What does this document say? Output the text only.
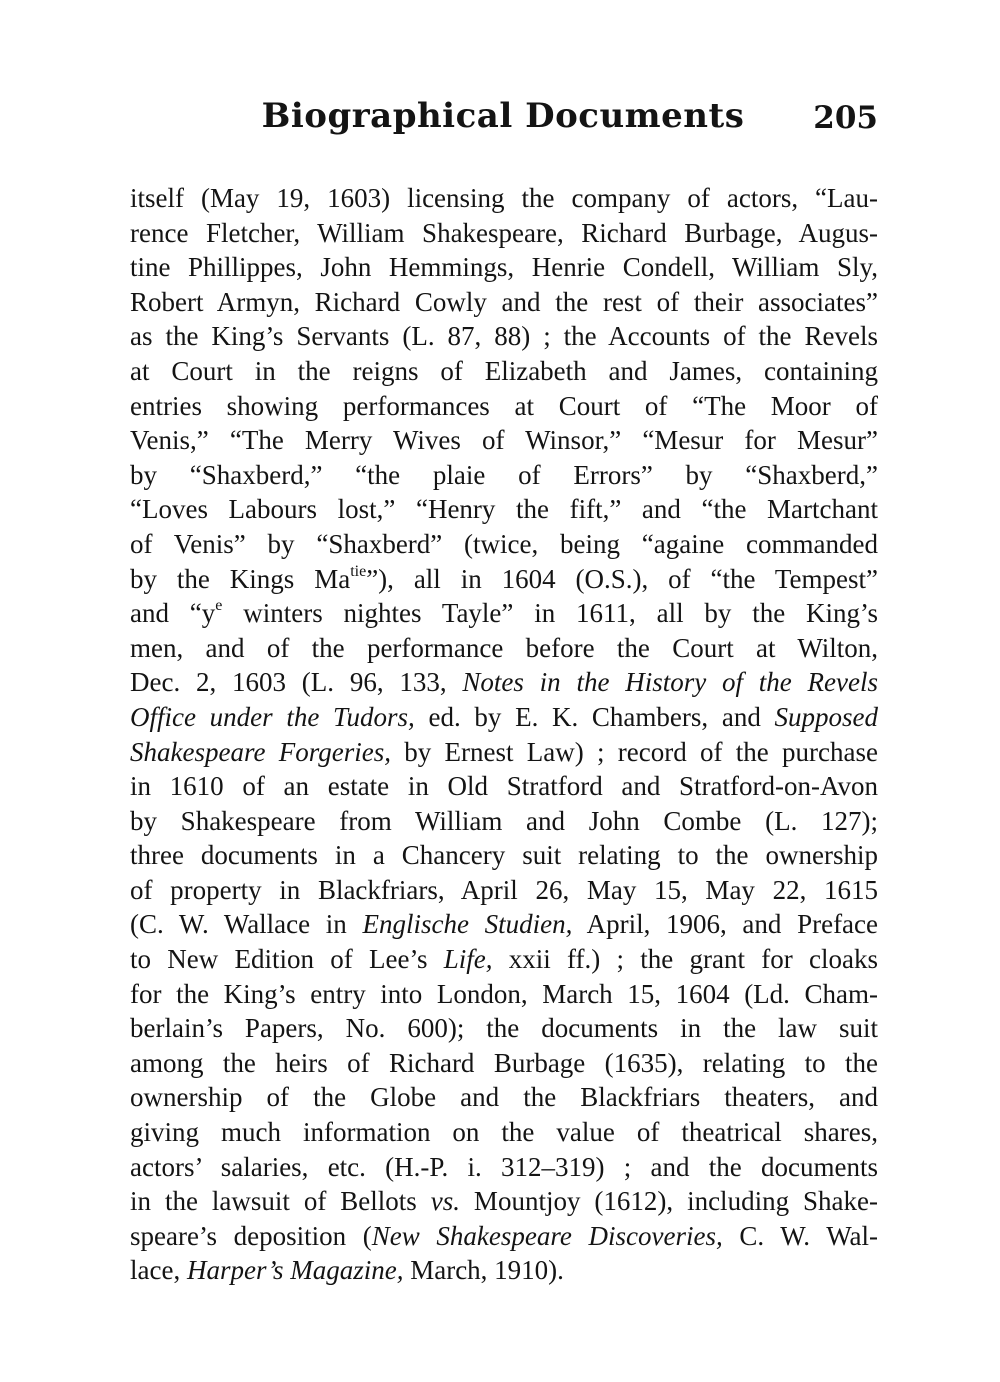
Biographical Documents	205
itself (May 19, 1603) licensing the company of actors, “Lau-
rence Fletcher, William Shakespeare, Richard Burbage, Augus-
tine Phillippes, John Hemmings, Henrie Condell, William Sly,
Robert Armyn, Richard Cowly and the rest of their associates”
as the King’s Servants (L. 87, 88) ; the Accounts of the Revels
at Court in the reigns of Elizabeth and James, containing
entries showing performances at Court of “The Moor of
Venis,” “The Merry Wives of Winsor,” “Mesur for Mesur”
by “Shaxberd,” “the plaie of Errors” by “Shaxberd,”
“Loves Labours lost,” “Henry the fift,” and “the Martchant
of Venis” by “Shaxberd” (twice, being “againe commanded
by the Kings $Ma^{tie}$”), all in 1604 (O.S.), of “the Tempest”
and “$y^e$ winters nightes Tayle” in 1611, all by the King’s
men, and of the performance before the Court at Wilton,
Dec. 2, 1603 (L. 96, 133, Notes in the History of the Revels
Office under the Tudors, ed. by E. K. Chambers, and Supposed
Shakespeare Forgeries, by Ernest Law) ; record of the purchase
in 1610 of an estate in Old Stratford and Stratford-on-Avon
by Shakespeare from William and John Combe (L. 127);
three documents in a Chancery suit relating to the ownership
of property in Blackfriars, April 26, May 15, May 22, 1615
(C. W. Wallace in Englische Studien, April, 1906, and Preface
to New Edition of Lee’s Life, xxii ff.) ; the grant for cloaks
for the King’s entry into London, March 15, 1604 (Ld. Cham-
berlain’s Papers, No. 600); the documents in the law suit
among the heirs of Richard Burbage (1635), relating to the
ownership of the Globe and the Blackfriars theaters, and
giving much information on the value of theatrical shares,
actors’ salaries, etc. (H.-P. i. 312–319) ; and the documents
in the lawsuit of Bellots vs. Mountjoy (1612), including Shake-
speare’s deposition (New Shakespeare Discoveries, C. W. Wal-
lace, Harper’s Magazine, March, 1910).
